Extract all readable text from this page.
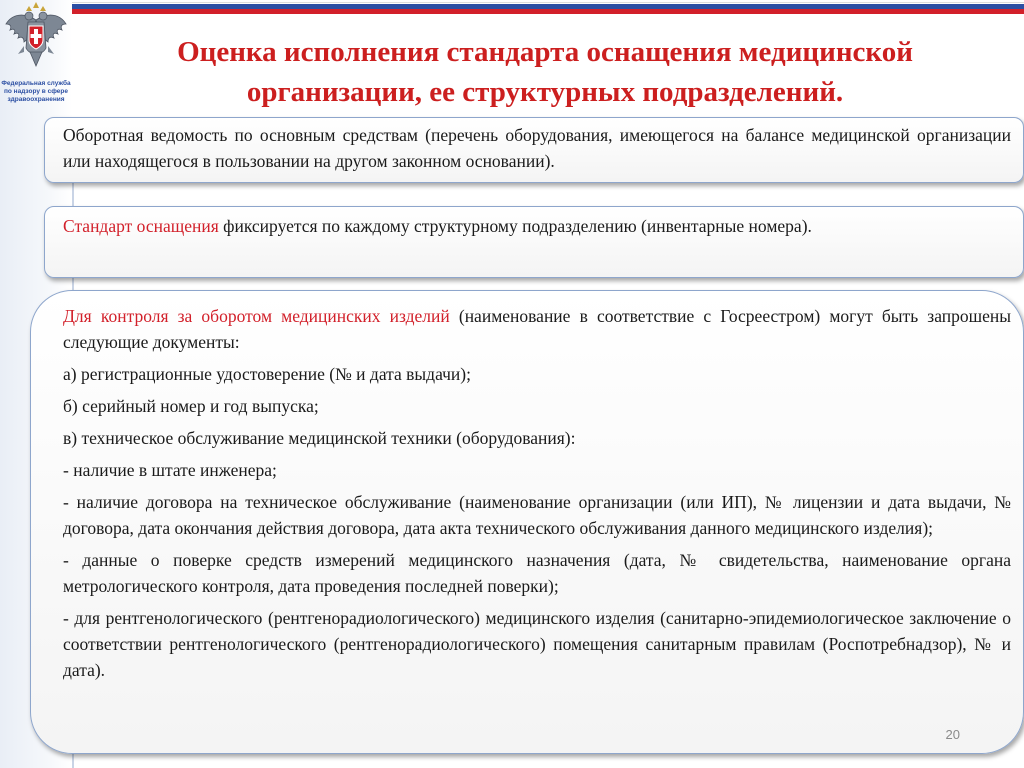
Федеральная служба
по надзору в сфере
здравоохранения
Оценка исполнения стандарта оснащения медицинской
организации, ее структурных подразделений.
Оборотная ведомость по основным средствам (перечень оборудования, имеющегося на балансе медицинской организации или находящегося в пользовании на другом законном основании).
Стандарт оснащения фиксируется по каждому структурному подразделению (инвентарные номера).

Для контроля за оборотом медицинских изделий (наименование в соответствие с Госреестром) могут быть запрошены следующие документы:

а) регистрационные удостоверение (№ и дата выдачи);

б) серийный номер и год выпуска;

в) техническое обслуживание медицинской техники (оборудования):

- наличие в штате инженера;

- наличие договора на техническое обслуживание (наименование организации (или ИП), № лицензии и дата выдачи, № договора, дата окончания действия договора, дата акта технического обслуживания данного медицинского изделия);

- данные о поверке средств измерений медицинского назначения (дата, № свидетельства, наименование органа метрологического контроля, дата проведения последней поверки);

- для рентгенологического (рентгенорадиологического) медицинского изделия (санитарно-эпидемиологическое заключение о соответствии рентгенологического (рентгенорадиологического) помещения санитарным правилам (Роспотребнадзор), № и дата).

20
